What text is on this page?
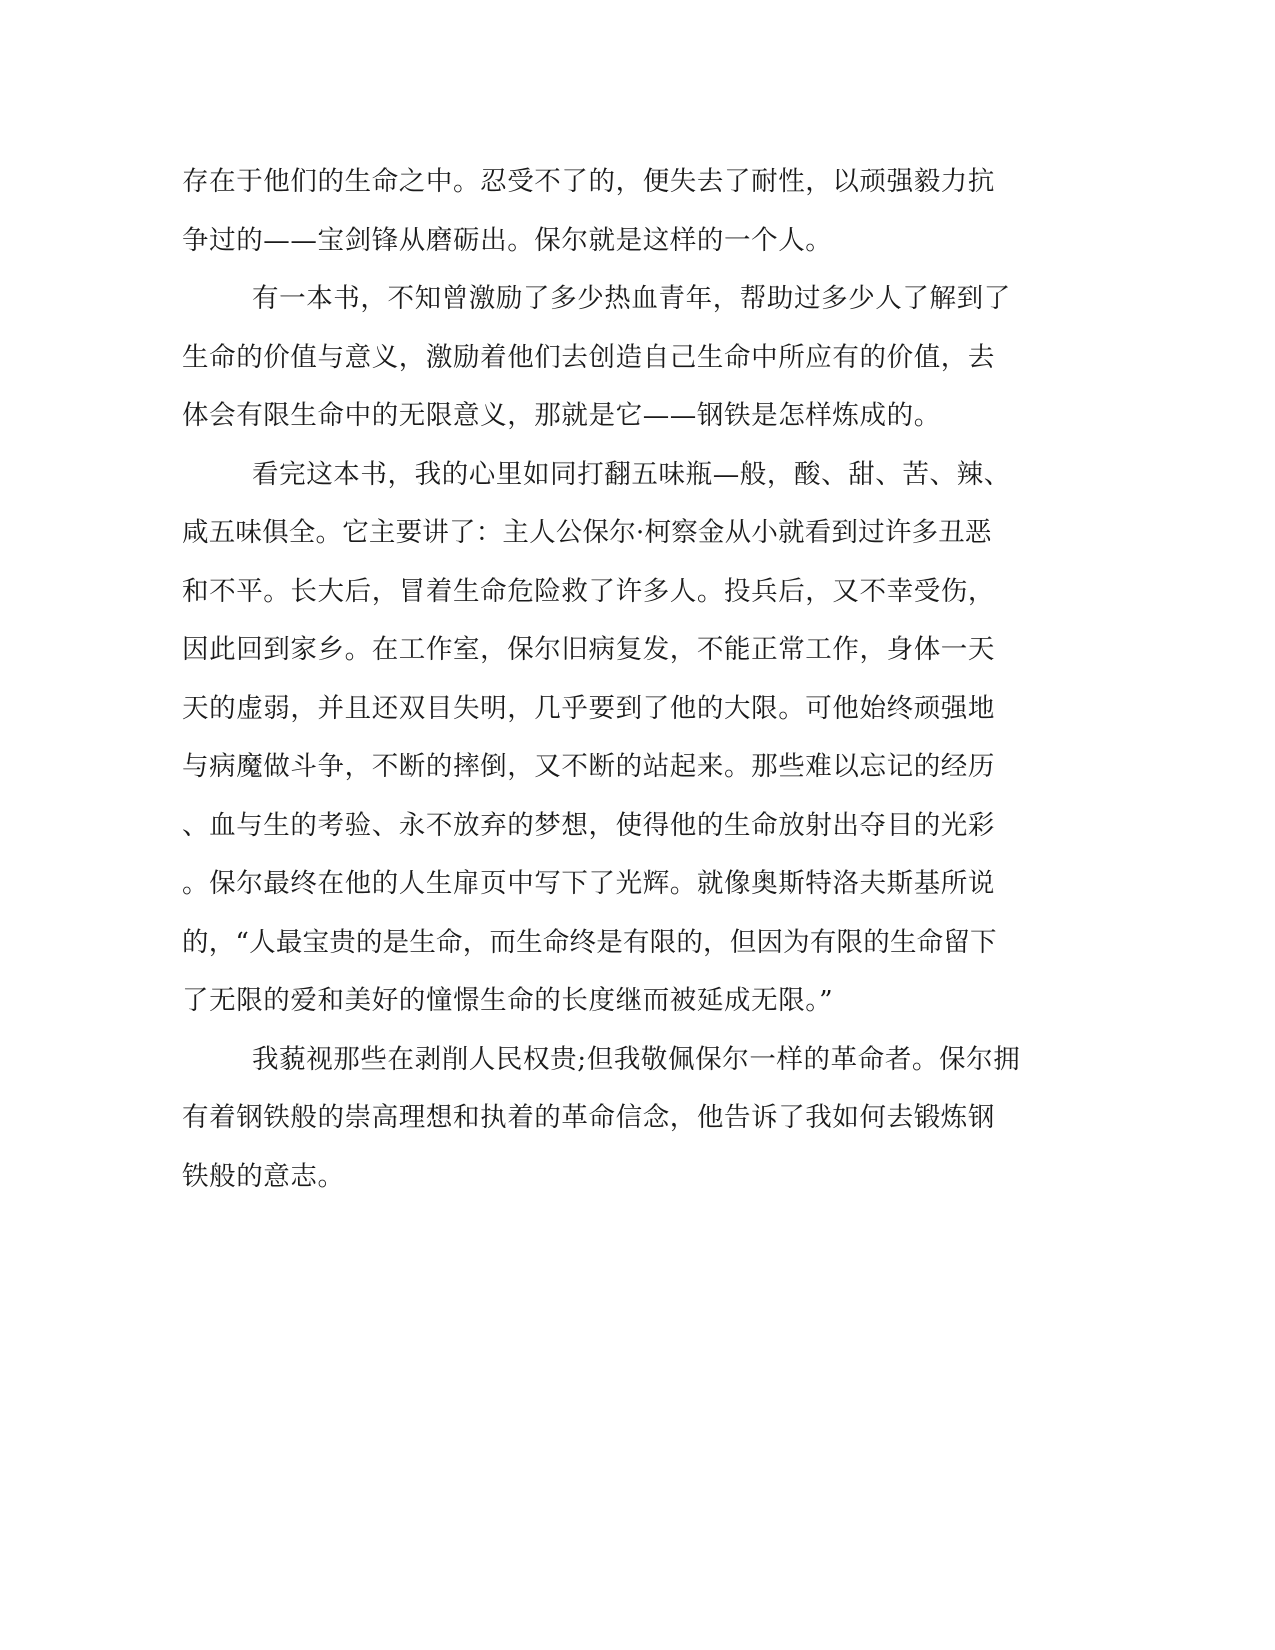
存在于他们的生命之中。忍受不了的，便失去了耐性，以顽强毅力抗
争过的——宝剑锋从磨砺出。保尔就是这样的一个人。
有一本书，不知曾激励了多少热血青年，帮助过多少人了解到了
生命的价值与意义，激励着他们去创造自己生命中所应有的价值，去
体会有限生命中的无限意义，那就是它——钢铁是怎样炼成的。
看完这本书，我的心里如同打翻五味瓶—般，酸、甜、苦、辣、
咸五味俱全。它主要讲了：主人公保尔·柯察金从小就看到过许多丑恶
和不平。长大后，冒着生命危险救了许多人。投兵后，又不幸受伤，
因此回到家乡。在工作室，保尔旧病复发，不能正常工作，身体一天
天的虚弱，并且还双目失明，几乎要到了他的大限。可他始终顽强地
与病魔做斗争，不断的摔倒，又不断的站起来。那些难以忘记的经历
、血与生的考验、永不放弃的梦想，使得他的生命放射出夺目的光彩
。保尔最终在他的人生扉页中写下了光辉。就像奥斯特洛夫斯基所说
的，“人最宝贵的是生命，而生命终是有限的，但因为有限的生命留下
了无限的爱和美好的憧憬生命的长度继而被延成无限。”
我藐视那些在剥削人民权贵;但我敬佩保尔一样的革命者。保尔拥
有着钢铁般的崇高理想和执着的革命信念，他告诉了我如何去锻炼钢
铁般的意志。
